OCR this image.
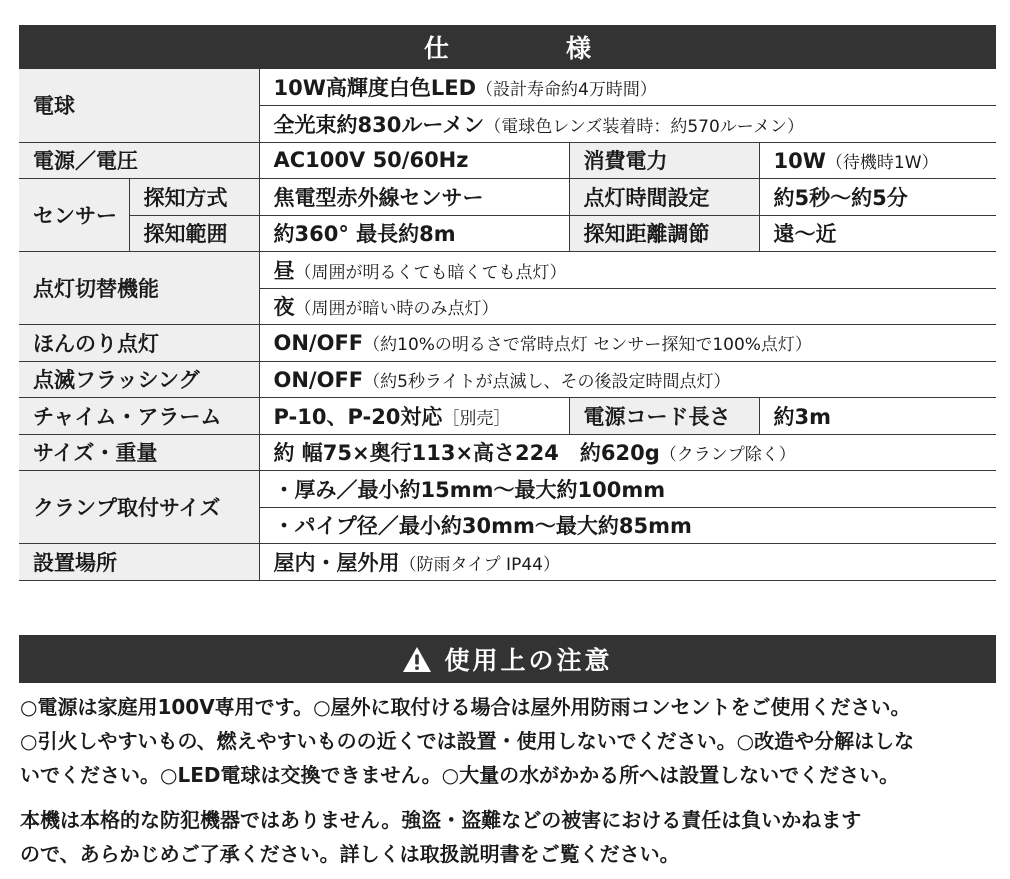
仕　様
電球		10W高輝度白色LED（設計寿命約4万時間）		
		全光束約830ルーメン（電球色レンズ装着時：約570ルーメン）		
電源／電圧		AC100V 50/60Hz	消費電力	10W（待機時1W）
センサー	探知方式	焦電型赤外線センサー	点灯時間設定	約5秒～約5分
	探知範囲	約360° 最長約8m	探知距離調節	遠～近
点灯切替機能		昼（周囲が明るくても暗くても点灯）		
		夜（周囲が暗い時のみ点灯）		
ほんのり点灯		ON/OFF（約10%の明るさで常時点灯 センサー探知で100%点灯）		
点滅フラッシング		ON/OFF（約5秒ライトが点滅し、その後設定時間点灯）		
チャイム・アラーム		P-10、P-20対応［別売］	電源コード長さ	約3m
サイズ・重量		約 幅75×奥行113×高さ224　約620g（クランプ除く）		
クランプ取付サイズ		・厚み／最小約15mm～最大約100mm		
		・パイプ径／最小約30mm～最大約85mm		
設置場所		屋内・屋外用（防雨タイプ IP44）		
使用上の注意

○電源は家庭用100V専用です。○屋外に取付ける場合は屋外用防雨コンセントをご使用ください。

○引火しやすいもの、燃えやすいものの近くでは設置・使用しないでください。○改造や分解はしな

いでください。○LED電球は交換できません。○大量の水がかかる所へは設置しないでください。

本機は本格的な防犯機器ではありません。強盗・盗難などの被害における責任は負いかねます

ので、あらかじめご了承ください。詳しくは取扱説明書をご覧ください。
